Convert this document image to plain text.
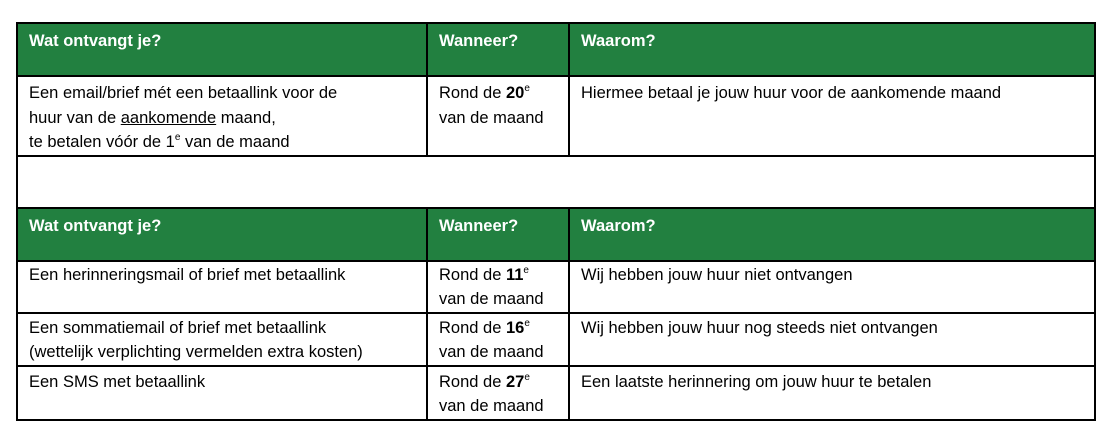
Wat ontvangt je?	Wanneer?	Waarom?

Een email/brief mét een betaallink voor de
huur van de aankomende maand,
te betalen vóór de 1e van de maand	Rond de 20e
van de maand	Hiermee betaal je jouw huur voor de aankomende maand

Wat ontvangt je?	Wanneer?	Waarom?

Een herinneringsmail of brief met betaallink	Rond de 11e
van de maand	Wij hebben jouw huur niet ontvangen

Een sommatiemail of brief met betaallink
(wettelijk verplichting vermelden extra kosten)	Rond de 16e
van de maand	Wij hebben jouw huur nog steeds niet ontvangen

Een SMS met betaallink	Rond de 27e
van de maand	Een laatste herinnering om jouw huur te betalen
